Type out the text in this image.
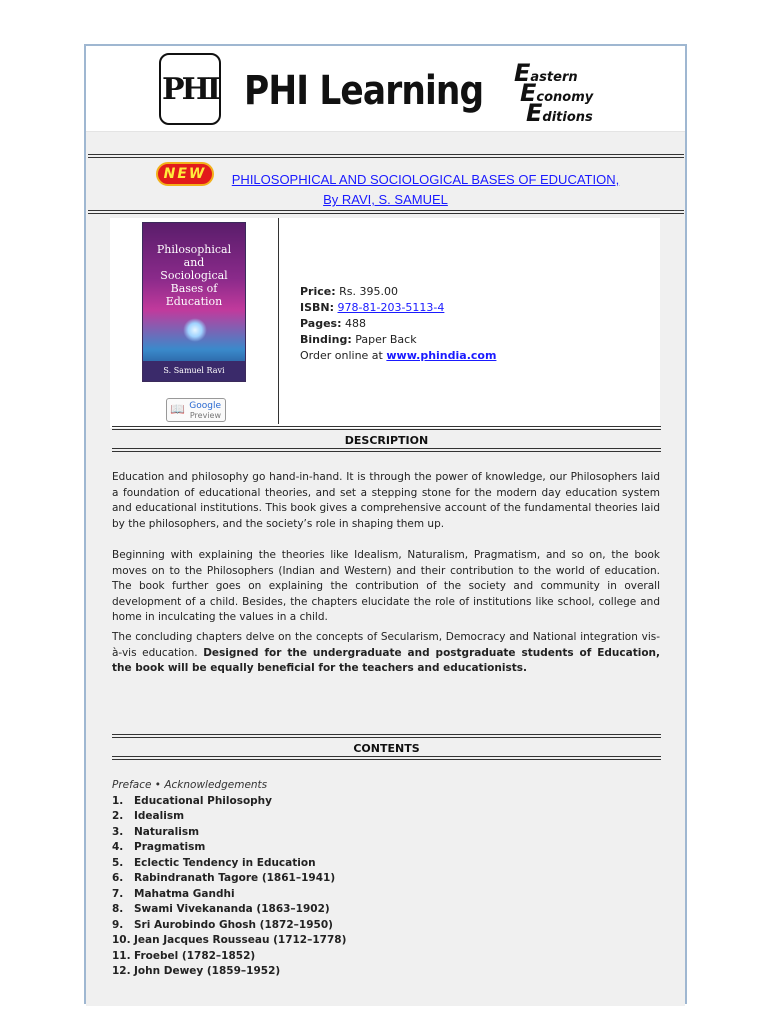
PHI PHI Learning E astern
E conomy
E ditions
NEW	PHILOSOPHICAL AND SOCIOLOGICAL BASES OF EDUCATION,
By RAVI, S. SAMUEL
Philosophical
and
Sociological
Bases of
Education
S. Samuel Ravi
📖 Google
Preview
Price: Rs. 395.00
ISBN: 978-81-203-5113-4
Pages: 488
Binding: Paper Back
Order online at www.phindia.com
DESCRIPTION
Education and philosophy go hand-in-hand. It is through the power of knowledge, our Philosophers laid a foundation of educational theories, and set a stepping stone for the modern day education system and educational institutions. This book gives a comprehensive account of the fundamental theories laid by the philosophers, and the society’s role in shaping them up.
Beginning with explaining the theories like Idealism, Naturalism, Pragmatism, and so on, the book moves on to the Philosophers (Indian and Western) and their contribution to the world of education. The book further goes on explaining the contribution of the society and community in overall development of a child. Besides, the chapters elucidate the role of institutions like school, college and home in inculcating the values in a child.
The concluding chapters delve on the concepts of Secularism, Democracy and National integration vis-à-vis education. Designed for the undergraduate and postgraduate students of Education, the book will be equally beneficial for the teachers and educationists.
CONTENTS
Preface • Acknowledgements
1. Educational Philosophy
2. Idealism
3. Naturalism
4. Pragmatism
5. Eclectic Tendency in Education
6. Rabindranath Tagore (1861–1941)
7. Mahatma Gandhi
8. Swami Vivekananda (1863–1902)
9. Sri Aurobindo Ghosh (1872–1950)
10. Jean Jacques Rousseau (1712–1778)
11. Froebel (1782–1852)
12. John Dewey (1859–1952)
